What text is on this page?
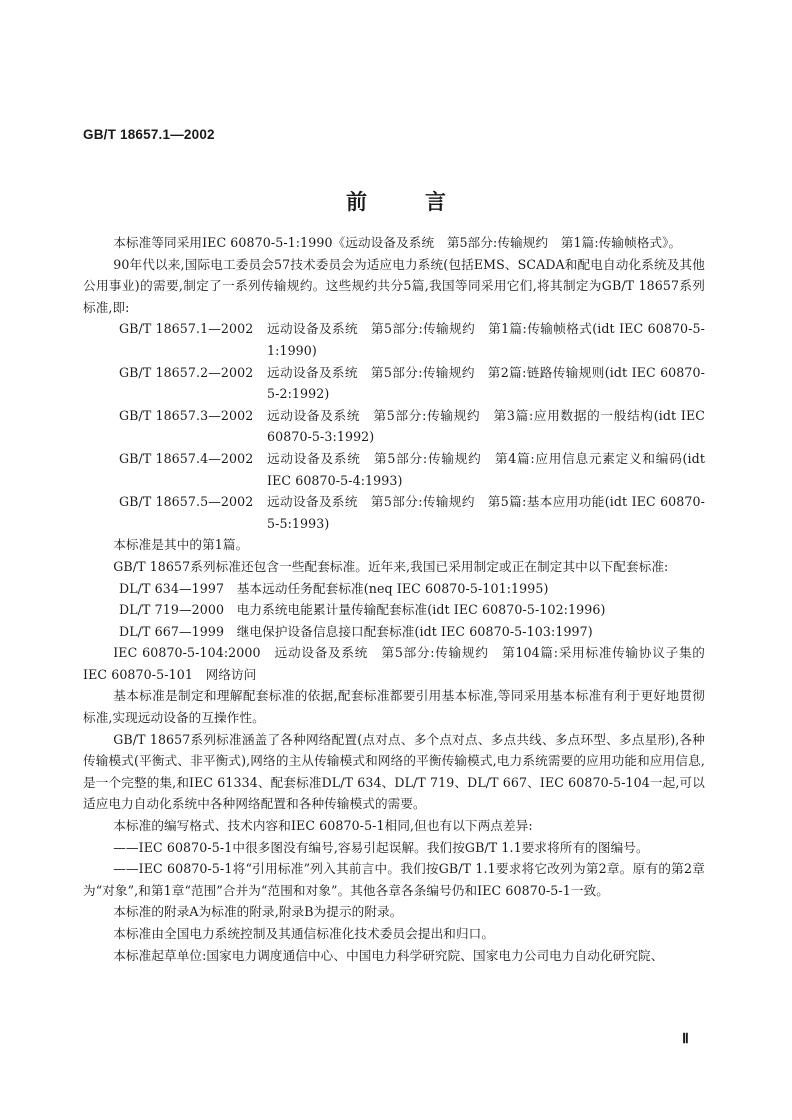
GB/T 18657.1—2002
前	言

本标准等同采用IEC 60870-5-1:1990《远动设备及系统　第5部分:传输规约　第1篇:传输帧格式》。

90年代以来,国际电工委员会57技术委员会为适应电力系统(包括EMS、SCADA和配电自动化系统及其他公用事业)的需要,制定了一系列传输规约。这些规约共分5篇,我国等同采用它们,将其制定为GB/T 18657系列标准,即:

GB/T 18657.1—2002	远动设备及系统　第5部分:传输规约　第1篇:传输帧格式(idt IEC 60870-5-1:1990)
GB/T 18657.2—2002	远动设备及系统　第5部分:传输规约　第2篇:链路传输规则(idt IEC 60870-5-2:1992)
GB/T 18657.3—2002	远动设备及系统　第5部分:传输规约　第3篇:应用数据的一般结构(idt IEC 60870-5-3:1992)
GB/T 18657.4—2002	远动设备及系统　第5部分:传输规约　第4篇:应用信息元素定义和编码(idt IEC 60870-5-4:1993)
GB/T 18657.5—2002	远动设备及系统　第5部分:传输规约　第5篇:基本应用功能(idt IEC 60870-5-5:1993)

本标准是其中的第1篇。

GB/T 18657系列标准还包含一些配套标准。近年来,我国已采用制定或正在制定其中以下配套标准:

DL/T 634—1997　基本远动任务配套标准(neq IEC 60870-5-101:1995)
DL/T 719—2000　电力系统电能累计量传输配套标准(idt IEC 60870-5-102:1996)
DL/T 667—1999　继电保护设备信息接口配套标准(idt IEC 60870-5-103:1997)

IEC 60870-5-104:2000　远动设备及系统　第5部分:传输规约　第104篇:采用标准传输协议子集的IEC 60870-5-101　网络访问

基本标准是制定和理解配套标准的依据,配套标准都要引用基本标准,等同采用基本标准有利于更好地贯彻标准,实现远动设备的互操作性。

GB/T 18657系列标准涵盖了各种网络配置(点对点、多个点对点、多点共线、多点环型、多点星形),各种传输模式(平衡式、非平衡式),网络的主从传输模式和网络的平衡传输模式,电力系统需要的应用功能和应用信息,是一个完整的集,和IEC 61334、配套标准DL/T 634、DL/T 719、DL/T 667、IEC 60870-5-104一起,可以适应电力自动化系统中各种网络配置和各种传输模式的需要。

本标准的编写格式、技术内容和IEC 60870-5-1相同,但也有以下两点差异:

——IEC 60870-5-1中很多图没有编号,容易引起误解。我们按GB/T 1.1要求将所有的图编号。

——IEC 60870-5-1将“引用标准”列入其前言中。我们按GB/T 1.1要求将它改列为第2章。原有的第2章为“对象”,和第1章“范围”合并为“范围和对象”。其他各章各条编号仍和IEC 60870-5-1一致。

本标准的附录A为标准的附录,附录B为提示的附录。

本标准由全国电力系统控制及其通信标准化技术委员会提出和归口。

本标准起草单位:国家电力调度通信中心、中国电力科学研究院、国家电力公司电力自动化研究院、

Ⅱ
